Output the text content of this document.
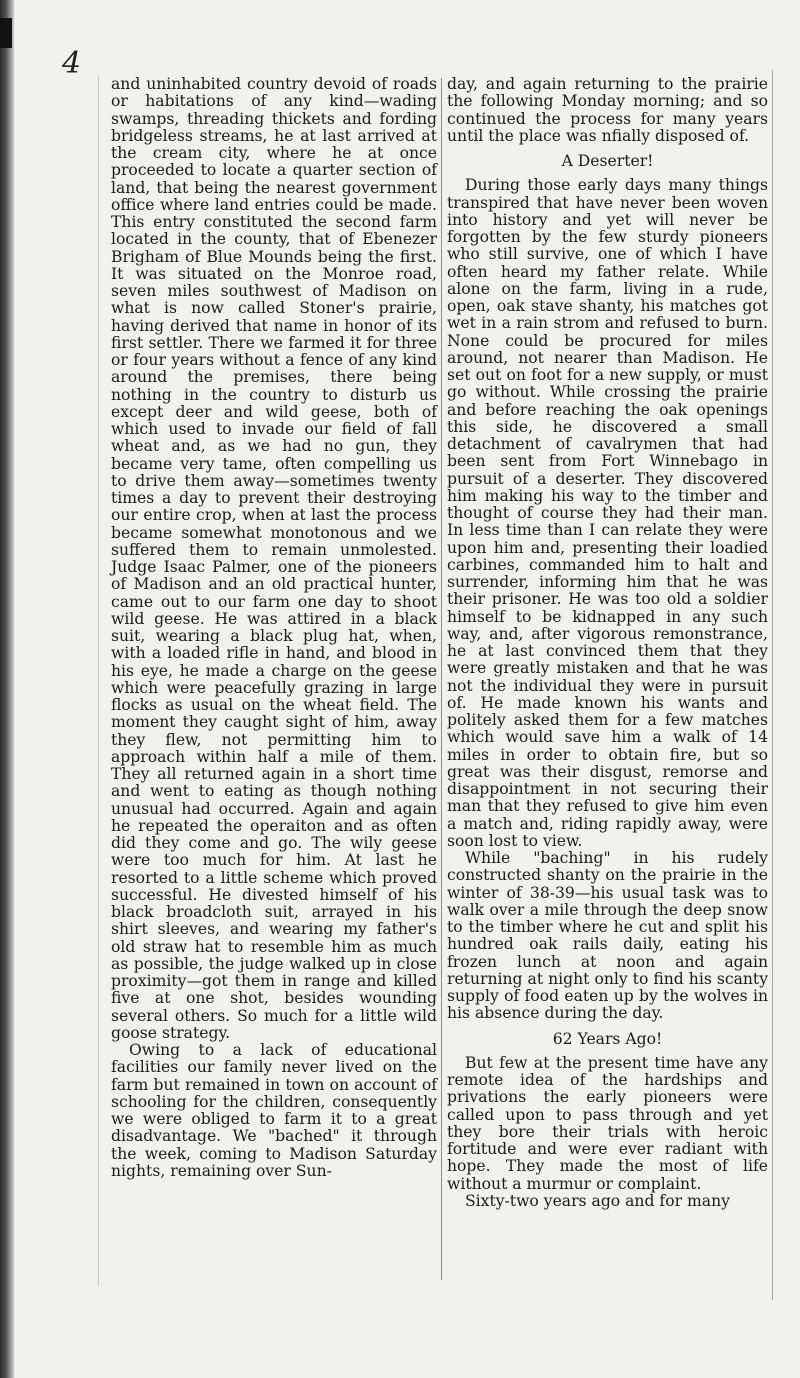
4

and uninhabited country devoid of roads or habitations of any kind—wading swamps, threading thickets and fording bridgeless streams, he at last arrived at the cream city, where he at once proceeded to locate a quarter section of land, that being the nearest government office where land entries could be made. This entry constituted the second farm located in the county, that of Ebenezer Brigham of Blue Mounds being the first. It was situated on the Monroe road, seven miles southwest of Madison on what is now called Stoner's prairie, having derived that name in honor of its first settler. There we farmed it for three or four years without a fence of any kind around the premises, there being nothing in the country to disturb us except deer and wild geese, both of which used to invade our field of fall wheat and, as we had no gun, they became very tame, often compelling us to drive them away—sometimes twenty times a day to prevent their destroying our entire crop, when at last the process became somewhat monotonous and we suffered them to remain unmolested. Judge Isaac Palmer, one of the pioneers of Madison and an old practical hunter, came out to our farm one day to shoot wild geese. He was attired in a black suit, wearing a black plug hat, when, with a loaded rifle in hand, and blood in his eye, he made a charge on the geese which were peacefully grazing in large flocks as usual on the wheat field. The moment they caught sight of him, away they flew, not permitting him to approach within half a mile of them. They all returned again in a short time and went to eating as though nothing unusual had occurred. Again and again he repeated the operaiton and as often did they come and go. The wily geese were too much for him. At last he resorted to a little scheme which proved successful. He divested himself of his black broadcloth suit, arrayed in his shirt sleeves, and wearing my father's old straw hat to resemble him as much as possible, the judge walked up in close proximity—got them in range and killed five at one shot, besides wounding several others. So much for a little wild goose strategy.

Owing to a lack of educational facilities our family never lived on the farm but remained in town on account of schooling for the children, consequently we were obliged to farm it to a great disadvantage. We "bached" it through the week, coming to Madison Saturday nights, remaining over Sun-

day, and again returning to the prairie the following Monday morning; and so continued the process for many years until the place was nfially disposed of.

A Deserter!

During those early days many things transpired that have never been woven into history and yet will never be forgotten by the few sturdy pioneers who still survive, one of which I have often heard my father relate. While alone on the farm, living in a rude, open, oak stave shanty, his matches got wet in a rain strom and refused to burn. None could be procured for miles around, not nearer than Madison. He set out on foot for a new supply, or must go without. While crossing the prairie and before reaching the oak openings this side, he discovered a small detachment of cavalrymen that had been sent from Fort Winnebago in pursuit of a deserter. They discovered him making his way to the timber and thought of course they had their man. In less time than I can relate they were upon him and, presenting their loadied carbines, commanded him to halt and surrender, informing him that he was their prisoner. He was too old a soldier himself to be kidnapped in any such way, and, after vigorous remonstrance, he at last convinced them that they were greatly mistaken and that he was not the individual they were in pursuit of. He made known his wants and politely asked them for a few matches which would save him a walk of 14 miles in order to obtain fire, but so great was their disgust, remorse and disappointment in not securing their man that they refused to give him even a match and, riding rapidly away, were soon lost to view.

While "baching" in his rudely constructed shanty on the prairie in the winter of 38-39—his usual task was to walk over a mile through the deep snow to the timber where he cut and split his hundred oak rails daily, eating his frozen lunch at noon and again returning at night only to find his scanty supply of food eaten up by the wolves in his absence during the day.

62 Years Ago!

But few at the present time have any remote idea of the hardships and privations the early pioneers were called upon to pass through and yet they bore their trials with heroic fortitude and were ever radiant with hope. They made the most of life without a murmur or complaint.

Sixty-two years ago and for many
